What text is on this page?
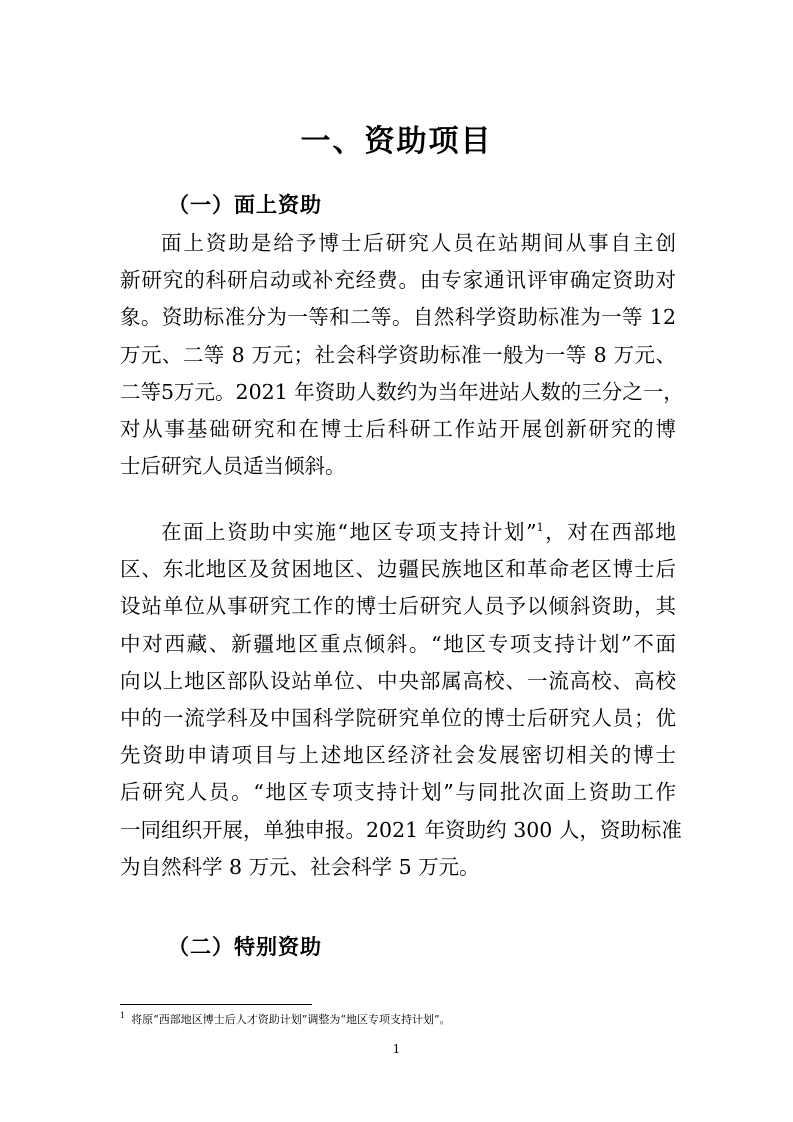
一、资助项目
（一）面上资助
面上资助是给予博士后研究人员在站期间从事自主创
新研究的科研启动或补充经费。由专家通讯评审确定资助对
象。资助标准分为一等和二等。自然科学资助标准为一等 12
万元、二等 8 万元；社会科学资助标准一般为一等 8 万元、
二等5万元。2021 年资助人数约为当年进站人数的三分之一，
对从事基础研究和在博士后科研工作站开展创新研究的博
士后研究人员适当倾斜。
在面上资助中实施“地区专项支持计划”$^1$，对在西部地
区、东北地区及贫困地区、边疆民族地区和革命老区博士后
设站单位从事研究工作的博士后研究人员予以倾斜资助，其
中对西藏、新疆地区重点倾斜。“地区专项支持计划”不面
向以上地区部队设站单位、中央部属高校、一流高校、高校
中的一流学科及中国科学院研究单位的博士后研究人员；优
先资助申请项目与上述地区经济社会发展密切相关的博士
后研究人员。“地区专项支持计划”与同批次面上资助工作
一同组织开展，单独申报。2021 年资助约 300 人，资助标准
为自然科学 8 万元、社会科学 5 万元。
（二）特别资助
$^1$ 将原“西部地区博士后人才资助计划”调整为“地区专项支持计划”。
1
